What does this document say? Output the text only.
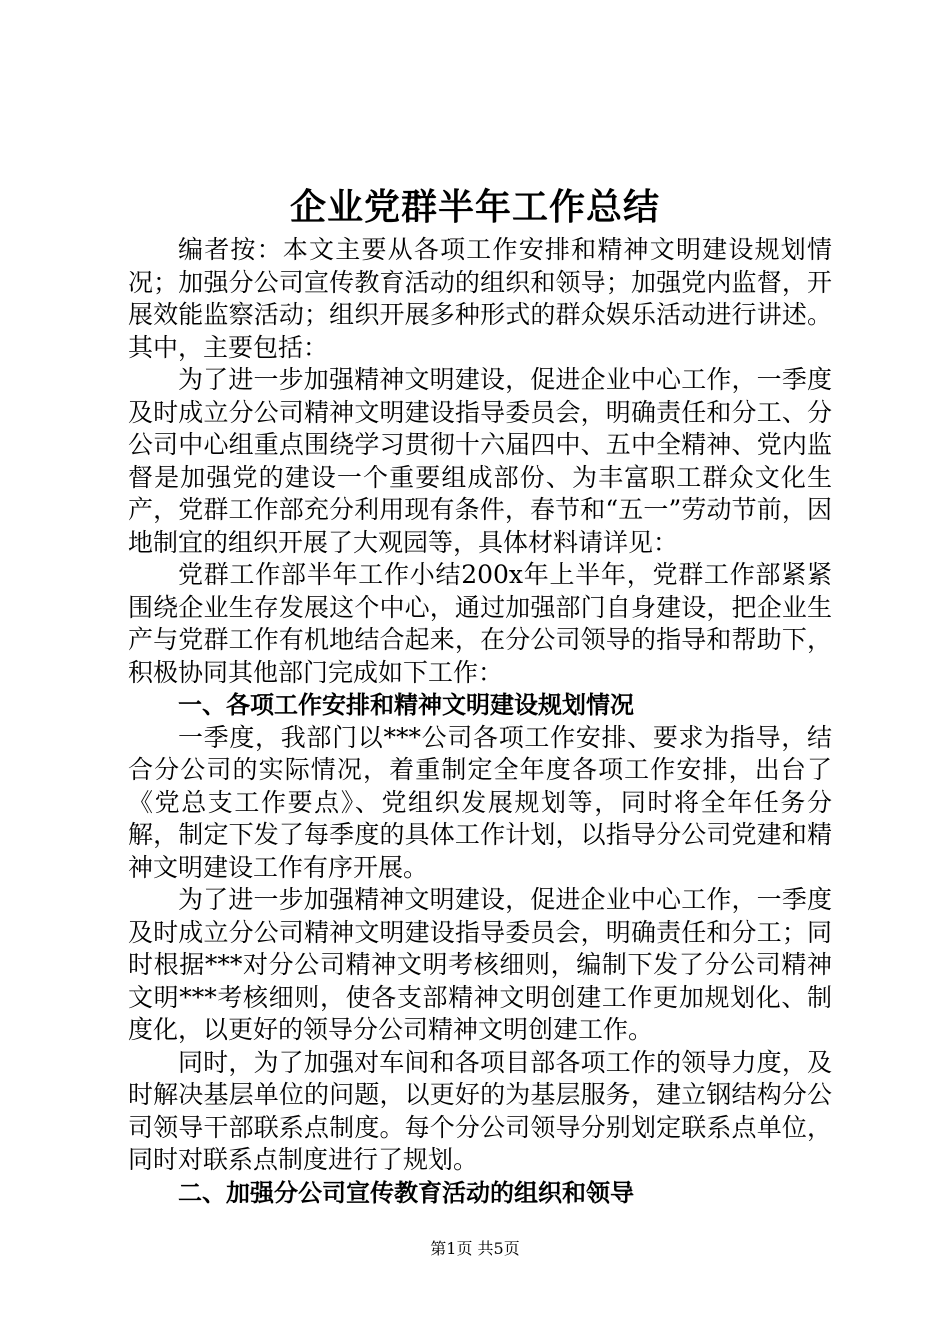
企业党群半年工作总结

编者按：本文主要从各项工作安排和精神文明建设规划情况；加强分公司宣传教育活动的组织和领导；加强党内监督，开展效能监察活动；组织开展多种形式的群众娱乐活动进行讲述。其中，主要包括：

为了进一步加强精神文明建设，促进企业中心工作，一季度及时成立分公司精神文明建设指导委员会，明确责任和分工、分公司中心组重点围绕学习贯彻十六届四中、五中全精神、党内监督是加强党的建设一个重要组成部份、为丰富职工群众文化生产，党群工作部充分利用现有条件，春节和“五一”劳动节前，因地制宜的组织开展了大观园等，具体材料请详见：

党群工作部半年工作小结200x年上半年，党群工作部紧紧围绕企业生存发展这个中心，通过加强部门自身建设，把企业生产与党群工作有机地结合起来，在分公司领导的指导和帮助下，积极协同其他部门完成如下工作：

一、各项工作安排和精神文明建设规划情况

一季度，我部门以***公司各项工作安排、要求为指导，结合分公司的实际情况，着重制定全年度各项工作安排，出台了《党总支工作要点》、党组织发展规划等，同时将全年任务分解，制定下发了每季度的具体工作计划，以指导分公司党建和精神文明建设工作有序开展。

为了进一步加强精神文明建设，促进企业中心工作，一季度及时成立分公司精神文明建设指导委员会，明确责任和分工；同时根据***对分公司精神文明考核细则，编制下发了分公司精神文明***考核细则，使各支部精神文明创建工作更加规划化、制度化，以更好的领导分公司精神文明创建工作。

同时，为了加强对车间和各项目部各项工作的领导力度，及时解决基层单位的问题，以更好的为基层服务，建立钢结构分公司领导干部联系点制度。每个分公司领导分别划定联系点单位，同时对联系点制度进行了规划。

二、加强分公司宣传教育活动的组织和领导

第1页 共5页
